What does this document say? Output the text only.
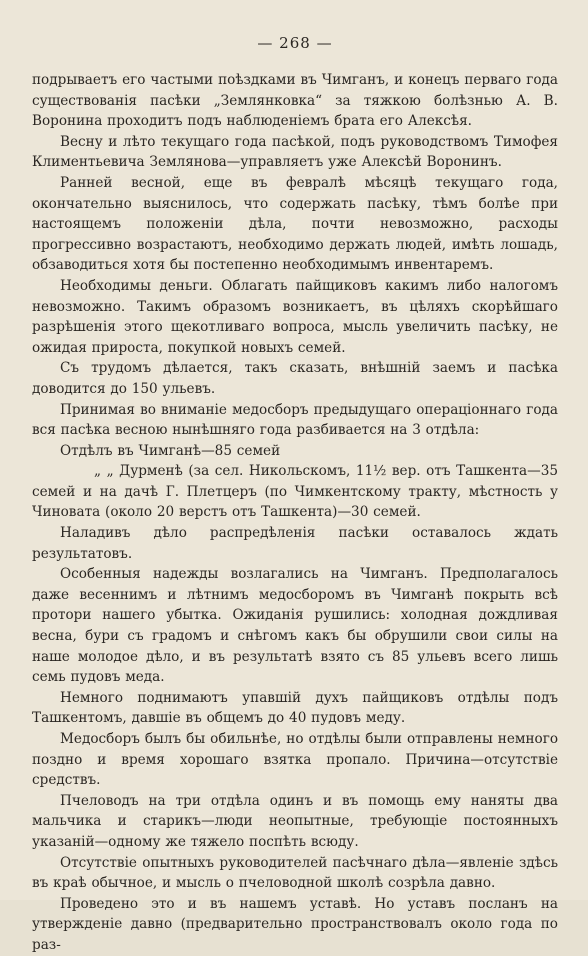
— 268 —

подрываетъ его частыми поѣздками въ Чимганъ, и конецъ перваго года существованія пасѣки „Землянковка“ за тяжкою болѣзнью А. В. Воронина проходитъ подъ наблюденіемъ брата его Алексѣя.

Весну и лѣто текущаго года пасѣкой, подъ руководствомъ Тимофея Климентьевича Землянова—управляетъ уже Алексѣй Воронинъ.

Ранней весной, еще въ февралѣ мѣсяцѣ текущаго года, окончательно выяснилось, что содержать пасѣку, тѣмъ болѣе при настоящемъ положеніи дѣла, почти невозможно, расходы прогрессивно возрастаютъ, необходимо держать людей, имѣть лошадь, обзаводиться хотя бы постепенно необходимымъ инвентаремъ.

Необходимы деньги. Облагать пайщиковъ какимъ либо налогомъ невозможно. Такимъ образомъ возникаетъ, въ цѣляхъ скорѣйшаго разрѣшенія этого щекотливаго вопроса, мысль увеличить пасѣку, не ожидая прироста, покупкой новыхъ семей.

Съ трудомъ дѣлается, такъ сказать, внѣшній заемъ и пасѣка доводится до 150 ульевъ.

Принимая во вниманіе медосборъ предыдущаго операціоннаго года вся пасѣка весною нынѣшняго года разбивается на 3 отдѣла:

Отдѣлъ въ Чимганѣ—85 семей

„ „ Дурменѣ (за сел. Никольскомъ, 11½ вер. отъ Ташкента—35 семей и на дачѣ Г. Плетцеръ (по Чимкентскому тракту, мѣстность у Чиновата (около 20 верстъ отъ Ташкента)—30 семей.

Наладивъ дѣло распредѣленія пасѣки оставалось ждать результатовъ.

Особенныя надежды возлагались на Чимганъ. Предполагалось даже весеннимъ и лѣтнимъ медосборомъ въ Чимганѣ покрыть всѣ протори нашего убытка. Ожиданія рушились: холодная дождливая весна, бури съ градомъ и снѣгомъ какъ бы обрушили свои силы на наше молодое дѣло, и въ результатѣ взято съ 85 ульевъ всего лишь семь пудовъ меда.

Немного поднимаютъ упавшій духъ пайщиковъ отдѣлы подъ Ташкентомъ, давшіе въ общемъ до 40 пудовъ меду.

Медосборъ былъ бы обильнѣе, но отдѣлы были отправлены немного поздно и время хорошаго взятка пропало. Причина—отсутствіе средствъ.

Пчеловодъ на три отдѣла одинъ и въ помощь ему наняты два мальчика и старикъ—люди неопытные, требующіе постоянныхъ указаній—одному же тяжело поспѣть всюду.

Отсутствіе опытныхъ руководителей пасѣчнаго дѣла—явленіе здѣсь въ краѣ обычное, и мысль о пчеловодной школѣ созрѣла давно.

Проведено это и въ нашемъ уставѣ. Но уставъ посланъ на утвержденіе давно (предварительно пространствовалъ около года по раз-
